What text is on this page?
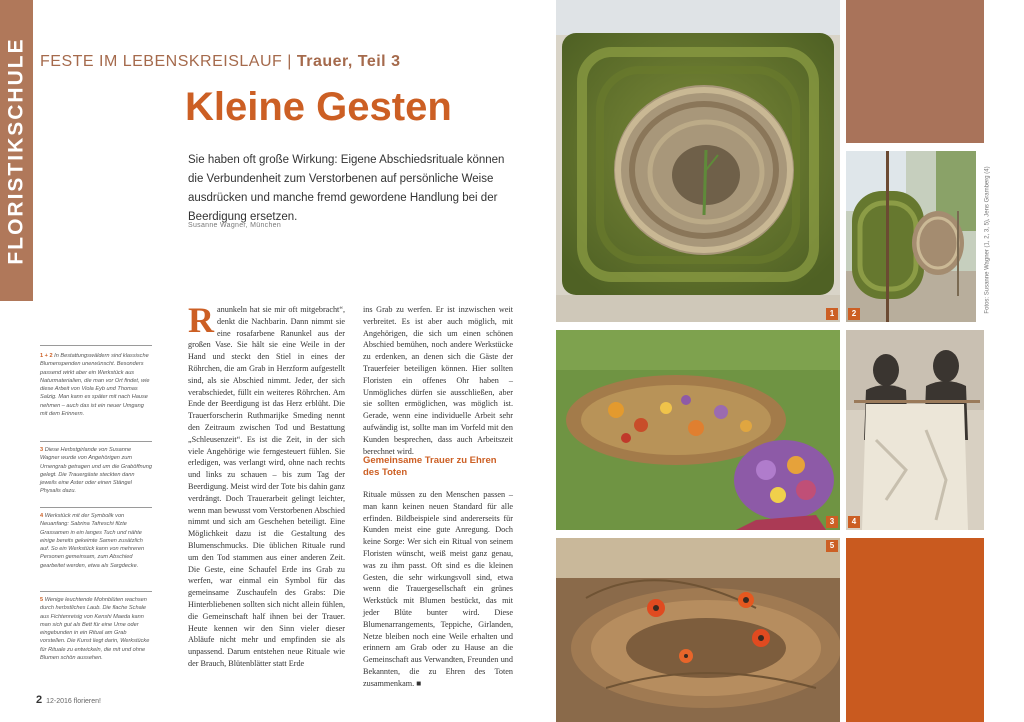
FLORISTIKSCHULE FESTE IM LEBENSKREISLAUF | Trauer, Teil 3
Kleine Gesten
Sie haben oft große Wirkung: Eigene Abschiedsrituale können die Verbundenheit zum Verstorbenen auf persönliche Weise ausdrücken und manche fremd gewordene Handlung bei der Beerdigung ersetzen.
Susanne Wagner, München
1 + 2 In Bestattungswäldern sind klassische Blumenspenden unerwünscht. Besonders passend wirkt aber ein Werkstück aus Naturmaterialien, die man vor Ort findet, wie diese Arbeit von Viola Eyb und Thomas Salzig. Man kann es später mit nach Hause nehmen – auch das ist ein neuer Umgang mit dem Erinnern.
3 Diese Herbstgirlande von Susanne Wagner wurde von Angehörigen zum Urnengrab getragen und um die Graböffnung gelegt. Die Trauergäste steckten dann jeweils eine Aster oder einen Stängel Physalis dazu.
4 Werkstück mit der Symbolik von Neuanfang: Sabrina Tafreschi filzte Grassamen in ein langes Tuch und nähte einige bereits gekeimte Samen zusätzlich auf. So ein Werkstück kann von mehreren Personen gemeinsam, zum Abschied gearbeitet werden, etwa als Sargdecke.
5 Wenige leuchtende Mohnblüten wachsen durch herbstliches Laub. Die flache Schale aus Fichtenreisig von Kenshi Maeda kann man sich gut als Bett für eine Urne oder eingebunden in ein Ritual am Grab vorstellen. Die Kunst liegt darin, Werkstücke für Rituale zu entwickeln, die mit und ohne Blumen schön aussehen.
Ranunkeln hat sie mir oft mitgebracht“, denkt die Nachbarin. Dann nimmt sie eine rosafarbene Ranunkel aus der großen Vase. Sie hält sie eine Weile in der Hand und steckt den Stiel in eines der Röhrchen, die am Grab in Herzform aufgestellt sind, als sie Abschied nimmt. Jeder, der sich verabschiedet, füllt ein weiteres Röhrchen. Am Ende der Beerdigung ist das Herz erblüht. Die Trauerforscherin Ruthmarijke Smeding nennt den Zeitraum zwischen Tod und Bestattung „Schleusenzeit“. Es ist die Zeit, in der sich viele Angehörige wie ferngesteuert fühlen. Sie erledigen, was verlangt wird, ohne nach rechts und links zu schauen – bis zum Tag der Beerdigung. Meist wird der Tote bis dahin ganz verdrängt. Doch Trauerarbeit gelingt leichter, wenn man bewusst vom Verstorbenen Abschied nimmt und sich am Geschehen beteiligt. Eine Möglichkeit dazu ist die Gestaltung des Blumenschmucks. Die üblichen Rituale rund um den Tod stammen aus einer anderen Zeit. Die Geste, eine Schaufel Erde ins Grab zu werfen, war einmal ein Symbol für das gemeinsame Zuschaufeln des Grabs: Die Hinterbliebenen sollten sich nicht allein fühlen, die Gemeinschaft half ihnen bei der Trauer. Heute kennen wir den Sinn vieler dieser Abläufe nicht mehr und empfinden sie als unpassend. Darum entstehen neue Rituale wie der Brauch, Blütenblätter statt Erde
ins Grab zu werfen. Er ist inzwischen weit verbreitet. Es ist aber auch möglich, mit Angehörigen, die sich um einen schönen Abschied bemühen, noch andere Werkstücke zu erdenken, an denen sich die Gäste der Trauerfeier beteiligen können. Hier sollten Floristen ein offenes Ohr haben – Unmögliches dürfen sie ausschließen, aber sie sollten ermöglichen, was möglich ist. Gerade, wenn eine individuelle Arbeit sehr aufwändig ist, sollte man im Vorfeld mit den Kunden besprechen, dass auch Arbeitszeit berechnet wird.
Gemeinsame Trauer zu Ehren des Toten
Rituale müssen zu den Menschen passen – man kann keinen neuen Standard für alle erfinden. Bildbeispiele sind andererseits für Kunden meist eine gute Anregung. Doch keine Sorge: Wer sich ein Ritual von seinem Floristen wünscht, weiß meist ganz genau, was zu ihm passt. Oft sind es die kleinen Gesten, die sehr wirkungsvoll sind, etwa wenn die Trauergesellschaft ein grünes Werkstück mit Blumen bestückt, das mit jeder Blüte bunter wird. Diese Blumenarrangements, Teppiche, Girlanden, Netze bleiben noch eine Weile erhalten und erinnern am Grab oder zu Hause an die Gemeinschaft aus Verwandten, Freunden und Bekannten, die zu Ehren des Toten zusammenkam. ■
2 12-2016 florieren!
1	2	Fotos: Susanne Wagner (1, 2, 3, 5), Jens Gramberg (4)
3	4
5
